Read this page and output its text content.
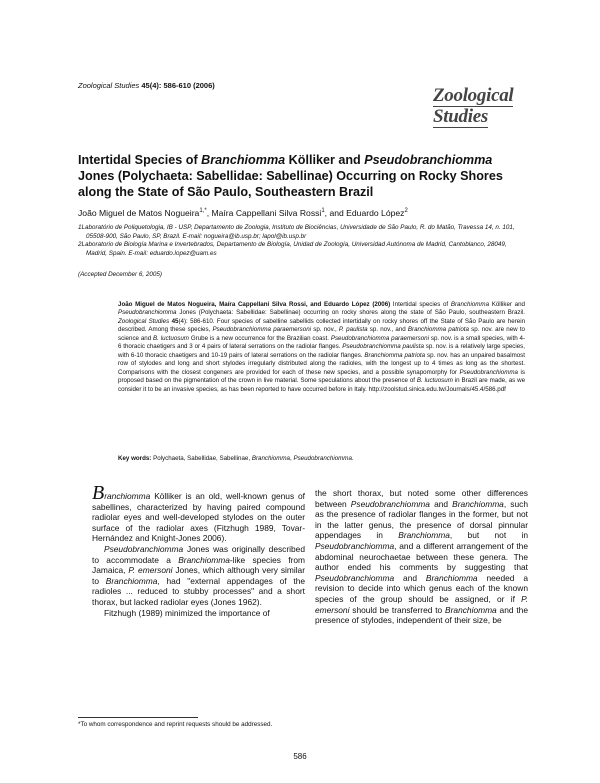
Zoological Studies 45(4): 586-610 (2006)	Zoological
Studies
Intertidal Species of Branchiomma Kölliker and Pseudobranchiomma Jones (Polychaeta: Sabellidae: Sabellinae) Occurring on Rocky Shores along the State of São Paulo, Southeastern Brazil
João Miguel de Matos Nogueira$^{1,*}$, Maíra Cappellani Silva Rossi$^1$, and Eduardo López$^2$

1Laboratório de Poliquetologia, IB - USP, Departamento de Zoologia, Instituto de Biociências, Universidade de São Paulo, R. do Matão, Travessa 14, n. 101, 05508-900, São Paulo, SP, Brazil. E-mail: nogueira@ib.usp.br; lapol@ib.usp.br

2Laboratorio de Biología Marina e Invertebrados, Departamento de Biología, Unidad de Zoología, Universidad Autónoma de Madrid, Cantoblanco, 28049, Madrid, Spain. E-mail: eduardo.lopez@uam.es

(Accepted December 6, 2005)
João Miguel de Matos Nogueira, Maíra Cappellani Silva Rossi, and Eduardo López (2006) Intertidal species of Branchiomma Kölliker and Pseudobranchiomma Jones (Polychaeta: Sabellidae: Sabellinae) occurring on rocky shores along the state of São Paulo, southeastern Brazil. Zoological Studies 45(4): 586-610. Four species of sabelline sabellids collected intertidally on rocky shores off the State of São Paulo are herein described. Among these species, Pseudobranchiomma paraemersoni sp. nov., P. paulista sp. nov., and Branchiomma patriota sp. nov. are new to science and B. luctuosum Grube is a new occurrence for the Brazilian coast. Pseudobranchiomma paraemersoni sp. nov. is a small species, with 4-6 thoracic chaetigers and 3 or 4 pairs of lateral serrations on the radiolar flanges. Pseudobranchiomma paulista sp. nov. is a relatively large species, with 6-10 thoracic chaetigers and 10-19 pairs of lateral serrations on the radiolar flanges. Branchiomma patriota sp. nov. has an unpaired basalmost row of stylodes and long and short stylodes irregularly distributed along the radioles, with the longest up to 4 times as long as the shortest. Comparisons with the closest congeners are provided for each of these new species, and a possible synapomorphy for Pseudobranchiomma is proposed based on the pigmentation of the crown in live material. Some speculations about the presence of B. luctuosum in Brazil are made, as we consider it to be an invasive species, as has been reported to have occurred before in Italy. http://zoolstud.sinica.edu.tw/Journals/45.4/586.pdf
Key words: Polychaeta, Sabellidae, Sabellinae, Branchiomma, Pseudobranchiomma.

Branchiomma Kölliker is an old, well-known genus of sabellines, characterized by having paired compound radiolar eyes and well-developed stylodes on the outer surface of the radiolar axes (Fitzhugh 1989, Tovar-Hernández and Knight-Jones 2006).

Pseudobranchiomma Jones was originally described to accommodate a Branchiomma-like species from Jamaica, P. emersoni Jones, which although very similar to Branchiomma, had "external appendages of the radioles ... reduced to stubby processes" and a short thorax, but lacked radiolar eyes (Jones 1962).

Fitzhugh (1989) minimized the importance of

the short thorax, but noted some other differences between Pseudobranchiomma and Branchiomma, such as the presence of radiolar flanges in the former, but not in the latter genus, the presence of dorsal pinnular appendages in Branchiomma, but not in Pseudobranchiomma, and a different arrangement of the abdominal neurochaetae between these genera. The author ended his comments by suggesting that Pseudobranchiomma and Branchiomma needed a revision to decide into which genus each of the known species of the group should be assigned, or if P. emersoni should be transferred to Branchiomma and the presence of stylodes, independent of their size, be

*To whom correspondence and reprint requests should be addressed.
586
